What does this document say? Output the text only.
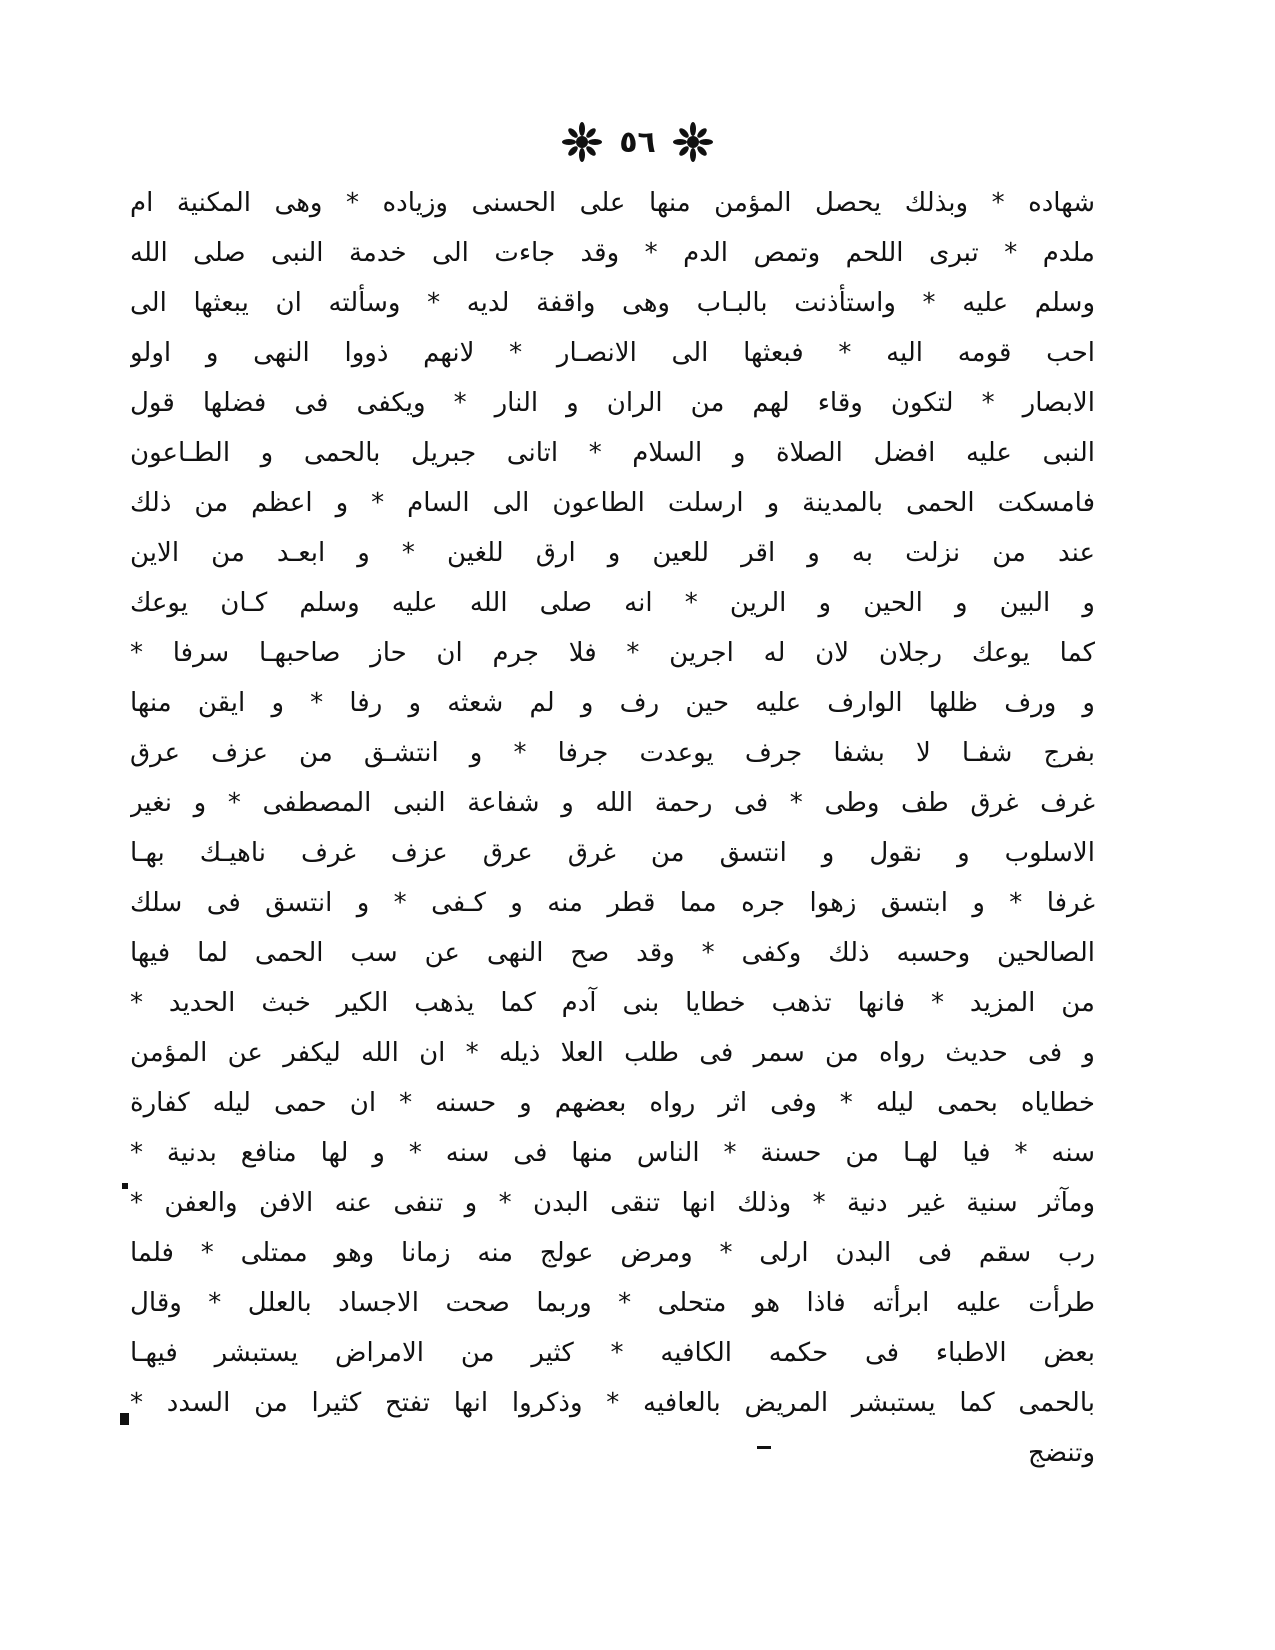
٥٦
شهاده * وبذلك يحصل المؤمن منها على الحسنى وزياده * وهى المكنية ام
ملدم * تبرى اللحم وتمص الدم * وقد جاءت الى خدمة النبى صلى الله
وسلم عليه * واستأذنت بالبـاب وهى واقفة لديه * وسألته ان يبعثها الى
احب قومه اليه * فبعثها الى الانصـار * لانهم ذووا النهى و اولو
الابصار * لتكون وقاء لهم من الران و النار * ويكفى فى فضلها قول
النبى عليه افضل الصلاة و السلام * اتانى جبريل بالحمى و الطـاعون
فامسكت الحمى بالمدينة و ارسلت الطاعون الى السام * و اعظم من ذلك
عند من نزلت به و اقر للعين و ارق للغين * و ابعـد من الاين
و البين و الحين و الرين * انه صلى الله عليه وسلم كـان يوعك
كما يوعك رجلان لان له اجرين * فلا جرم ان حاز صاحبهـا سرفا *
و ورف ظلها الوارف عليه حين رف و لم شعثه و رفا * و ايقن منها
بفرج شفـا لا بشفا جرف يوعدت جرفا * و انتشـق من عزف عرق
غرف غرق طف وطى * فى رحمة الله و شفاعة النبى المصطفى * و نغير
الاسلوب و نقول و انتسق من غرق عرق عزف غرف ناهيـك بهـا
غرفا * و ابتسق زهوا جره مما قطر منه و كـفى * و انتسق فى سلك
الصالحين وحسبه ذلك وكفى * وقد صح النهى عن سب الحمى لما فيها
من المزيد * فانها تذهب خطايا بنى آدم كما يذهب الكير خبث الحديد *
و فى حديث رواه من سمر فى طلب العلا ذيله * ان الله ليكفر عن المؤمن
خطاياه بحمى ليله * وفى اثر رواه بعضهم و حسنه * ان حمى ليله كفارة
سنه * فيا لهـا من حسنة * الناس منها فى سنه * و لها منافع بدنية *
ومآثر سنية غير دنية * وذلك انها تنقى البدن * و تنفى عنه الافن والعفن *
رب سقم فى البدن ارلى * ومرض عولج منه زمانا وهو ممتلى * فلما
طرأت عليه ابرأته فاذا هو متحلى * وربما صحت الاجساد بالعلل * وقال
بعض الاطباء فى حكمه الكافيه * كثير من الامراض يستبشر فيهـا
بالحمى كما يستبشر المريض بالعافيه * وذكروا انها تفتح كثيرا من السدد *
وتنضج
